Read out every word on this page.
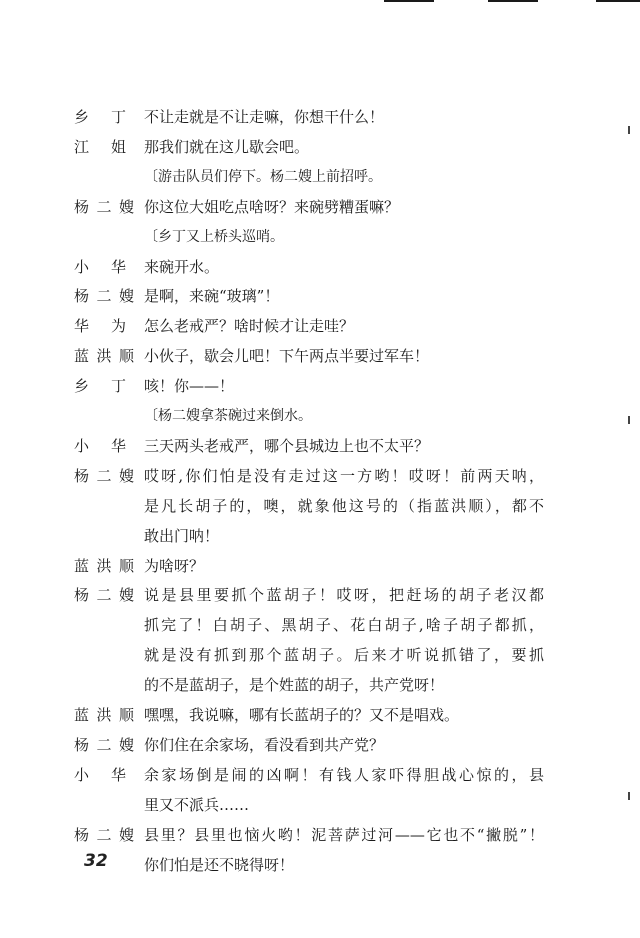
乡 丁 不让走就是不让走嘛，你想干什么！
江 姐 那我们就在这儿歇会吧。
〔游击队员们停下。杨二嫂上前招呼。
杨 二 嫂 你这位大姐吃点啥呀？来碗劈糟蛋嘛？
〔乡丁又上桥头巡哨。
小 华 来碗开水。
杨 二 嫂 是啊，来碗“玻璃”！
华 为 怎么老戒严？啥时候才让走哇？
蓝 洪 顺 小伙子，歇会儿吧！下午两点半要过军车！
乡 丁 咳！你——！
〔杨二嫂拿茶碗过来倒水。
小 华 三天两头老戒严，哪个县城边上也不太平？
杨 二 嫂 哎呀,你们怕是没有走过这一方哟！哎呀！前两天呐，
是凡长胡子的，噢，就象他这号的（指蓝洪顺），都不
敢出门呐！
蓝 洪 顺 为啥呀？
杨 二 嫂 说是县里要抓个蓝胡子！哎呀，把赶场的胡子老汉都
抓完了！白胡子、黑胡子、花白胡子,啥子胡子都抓，
就是没有抓到那个蓝胡子。后来才听说抓错了，要抓
的不是蓝胡子，是个姓蓝的胡子，共产党呀！
蓝 洪 顺 嘿嘿，我说嘛，哪有长蓝胡子的？又不是唱戏。
杨 二 嫂 你们住在余家场，看没看到共产党？
小 华 余家场倒是闹的凶啊！有钱人家吓得胆战心惊的，县
里又不派兵……
杨 二 嫂 县里？县里也恼火哟！泥菩萨过河——它也不“撇脱”！
你们怕是还不晓得呀！
32
